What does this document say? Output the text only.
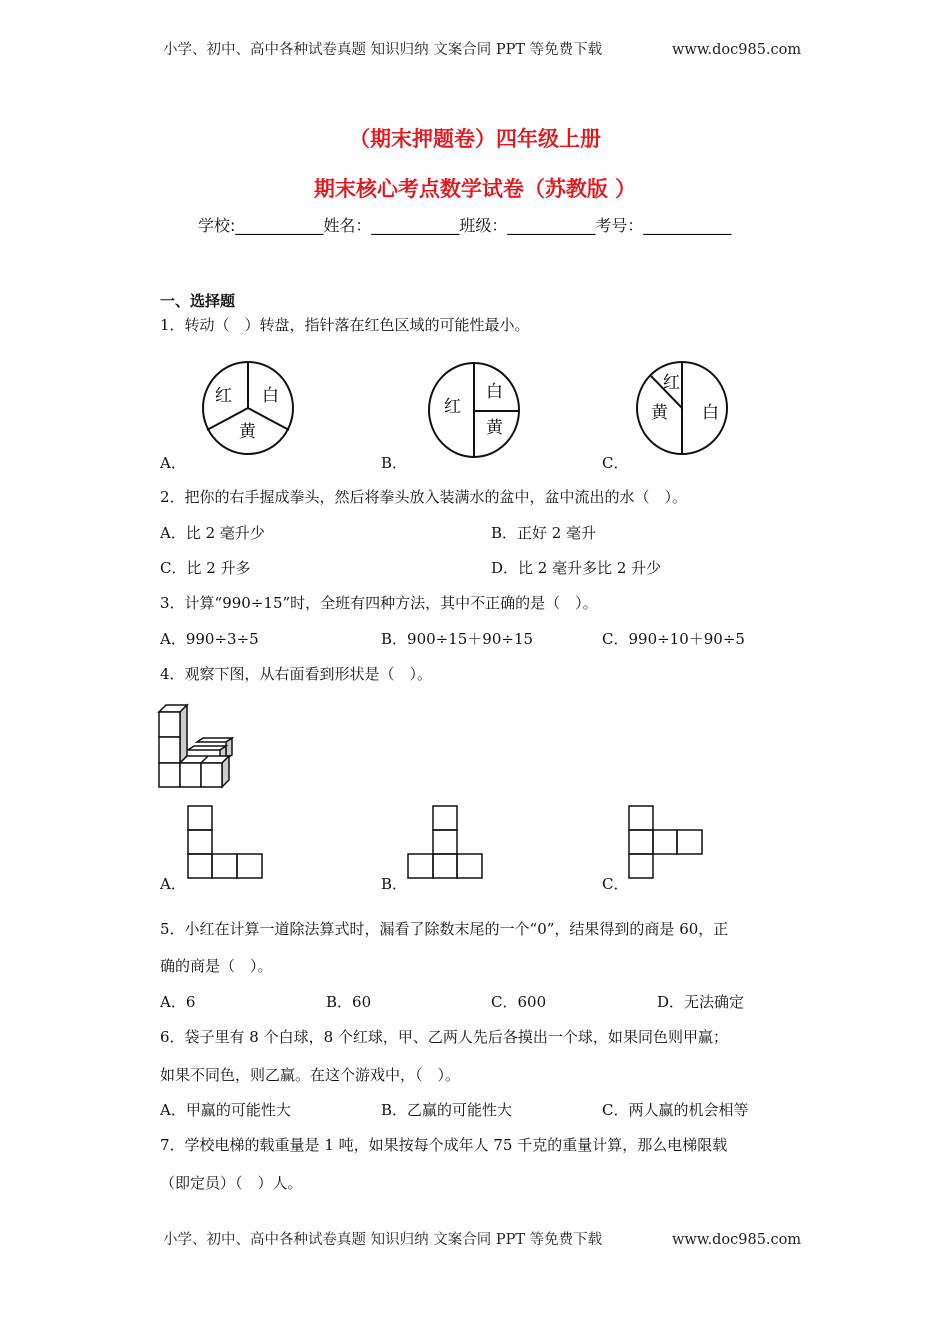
小学、初中、高中各种试卷真题 知识归纳 文案合同 PPT 等免费下载	www.doc985.com
（期末押题卷）四年级上册
期末核心考点数学试卷（苏教版 ）
学校:___________姓名：___________班级：___________考号：___________
一、选择题
1．转动（　）转盘，指针落在红色区域的可能性最小。
红 白
黄
红
白
黄
红
黄 白
A．	B．	C．
2．把你的右手握成拳头，然后将拳头放入装满水的盆中，盆中流出的水（　）。
A．比 2 毫升少	B．正好 2 毫升
C．比 2 升多	D．比 2 毫升多比 2 升少
3．计算“990÷15”时，全班有四种方法，其中不正确的是（　）。
A．990÷3÷5	B．900÷15＋90÷15	C．990÷10＋90÷5
4．观察下图，从右面看到形状是（　）。
A．	B．	C．
5．小红在计算一道除法算式时，漏看了除数末尾的一个“0”，结果得到的商是 60，正
确的商是（　）。
A．6	B．60	C．600	D．无法确定
6．袋子里有 8 个白球，8 个红球，甲、乙两人先后各摸出一个球，如果同色则甲赢；
如果不同色，则乙赢。在这个游戏中，（　）。
A．甲赢的可能性大	B．乙赢的可能性大	C．两人赢的机会相等
7．学校电梯的载重量是 1 吨，如果按每个成年人 75 千克的重量计算，那么电梯限载
（即定员）（　）人。
小学、初中、高中各种试卷真题 知识归纳 文案合同 PPT 等免费下载	www.doc985.com
